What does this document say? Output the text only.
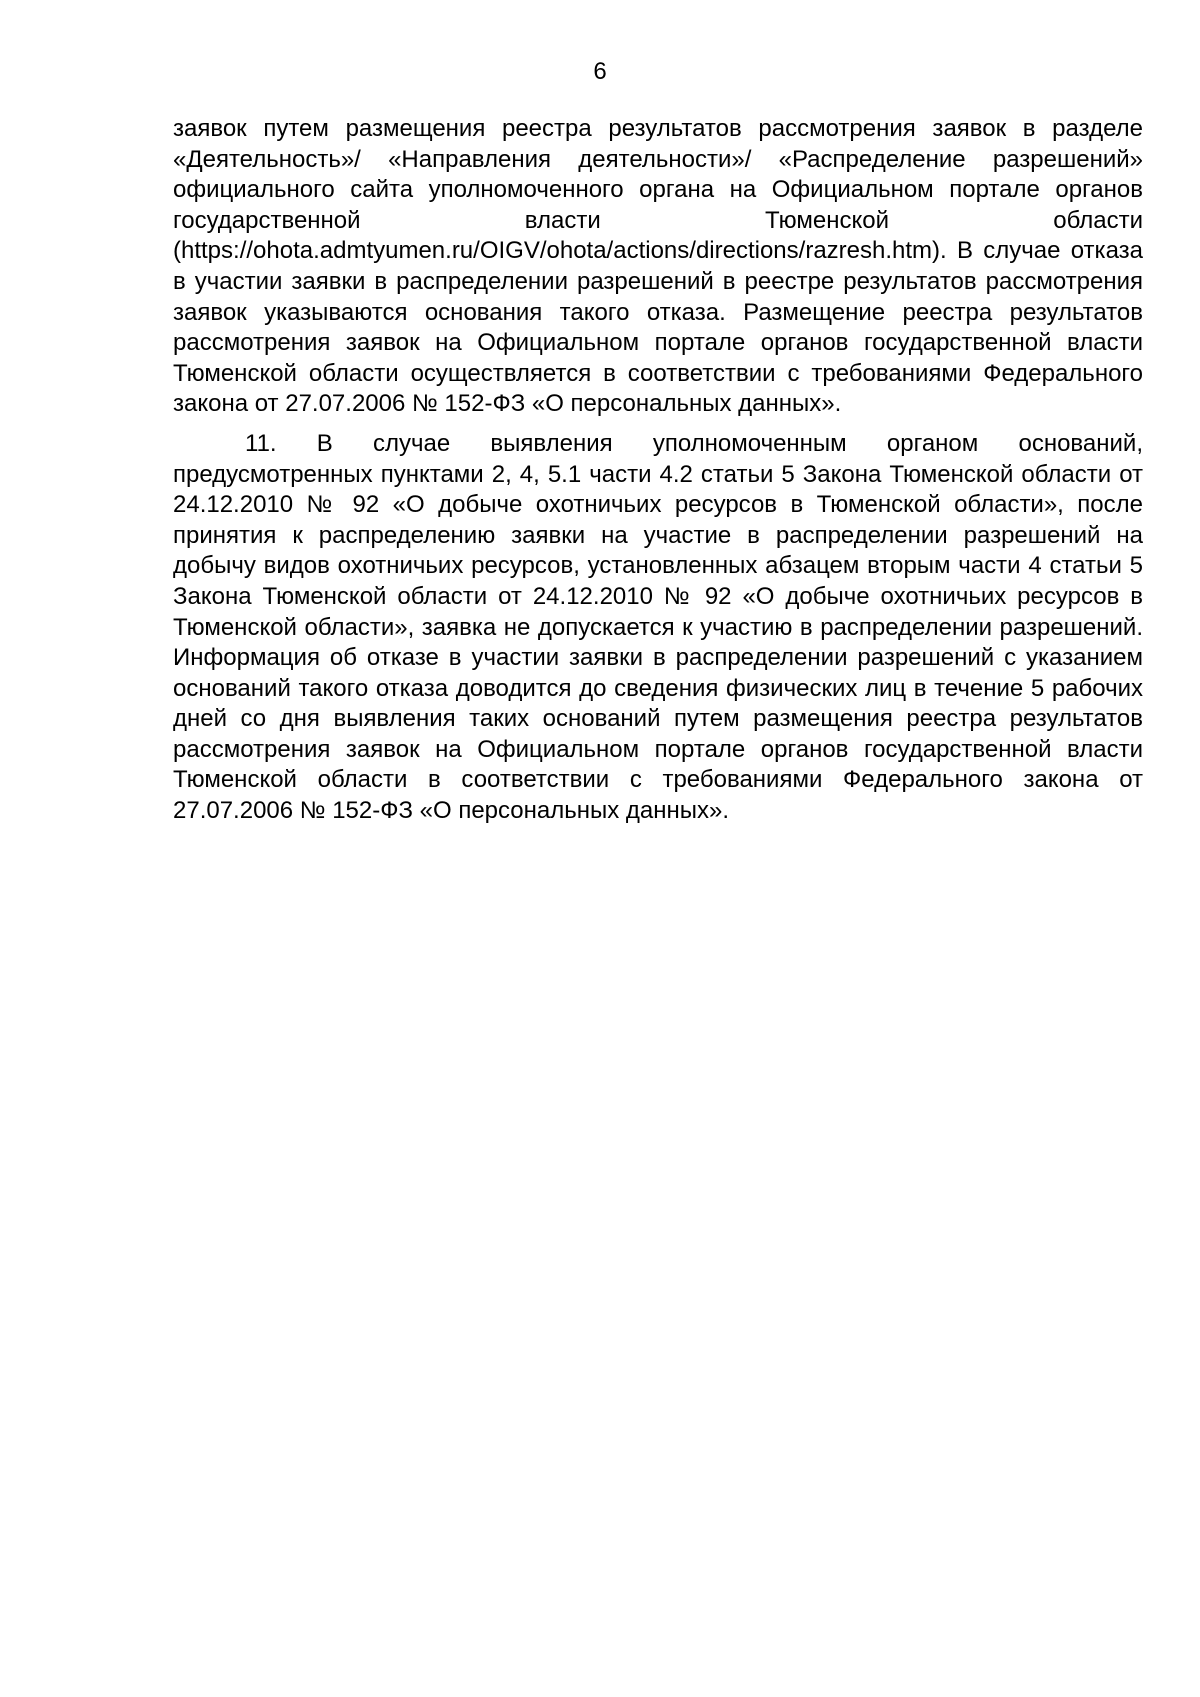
6

заявок путем размещения реестра результатов рассмотрения заявок в разделе «Деятельность»/ «Направления деятельности»/ «Распределение разрешений» официального сайта уполномоченного органа на Официальном портале органов государственной власти Тюменской области (https://ohota.admtyumen.ru/OIGV/ohota/actions/directions/razresh.htm). В случае отказа в участии заявки в распределении разрешений в реестре результатов рассмотрения заявок указываются основания такого отказа. Размещение реестра результатов рассмотрения заявок на Официальном портале органов государственной власти Тюменской области осуществляется в соответствии с требованиями Федерального закона от 27.07.2006 № 152-ФЗ «О персональных данных».

11. В случае выявления уполномоченным органом оснований, предусмотренных пунктами 2, 4, 5.1 части 4.2 статьи 5 Закона Тюменской области от 24.12.2010 № 92 «О добыче охотничьих ресурсов в Тюменской области», после принятия к распределению заявки на участие в распределении разрешений на добычу видов охотничьих ресурсов, установленных абзацем вторым части 4 статьи 5 Закона Тюменской области от 24.12.2010 № 92 «О добыче охотничьих ресурсов в Тюменской области», заявка не допускается к участию в распределении разрешений. Информация об отказе в участии заявки в распределении разрешений с указанием оснований такого отказа доводится до сведения физических лиц в течение 5 рабочих дней со дня выявления таких оснований путем размещения реестра результатов рассмотрения заявок на Официальном портале органов государственной власти Тюменской области в соответствии с требованиями Федерального закона от 27.07.2006 № 152-ФЗ «О персональных данных».
